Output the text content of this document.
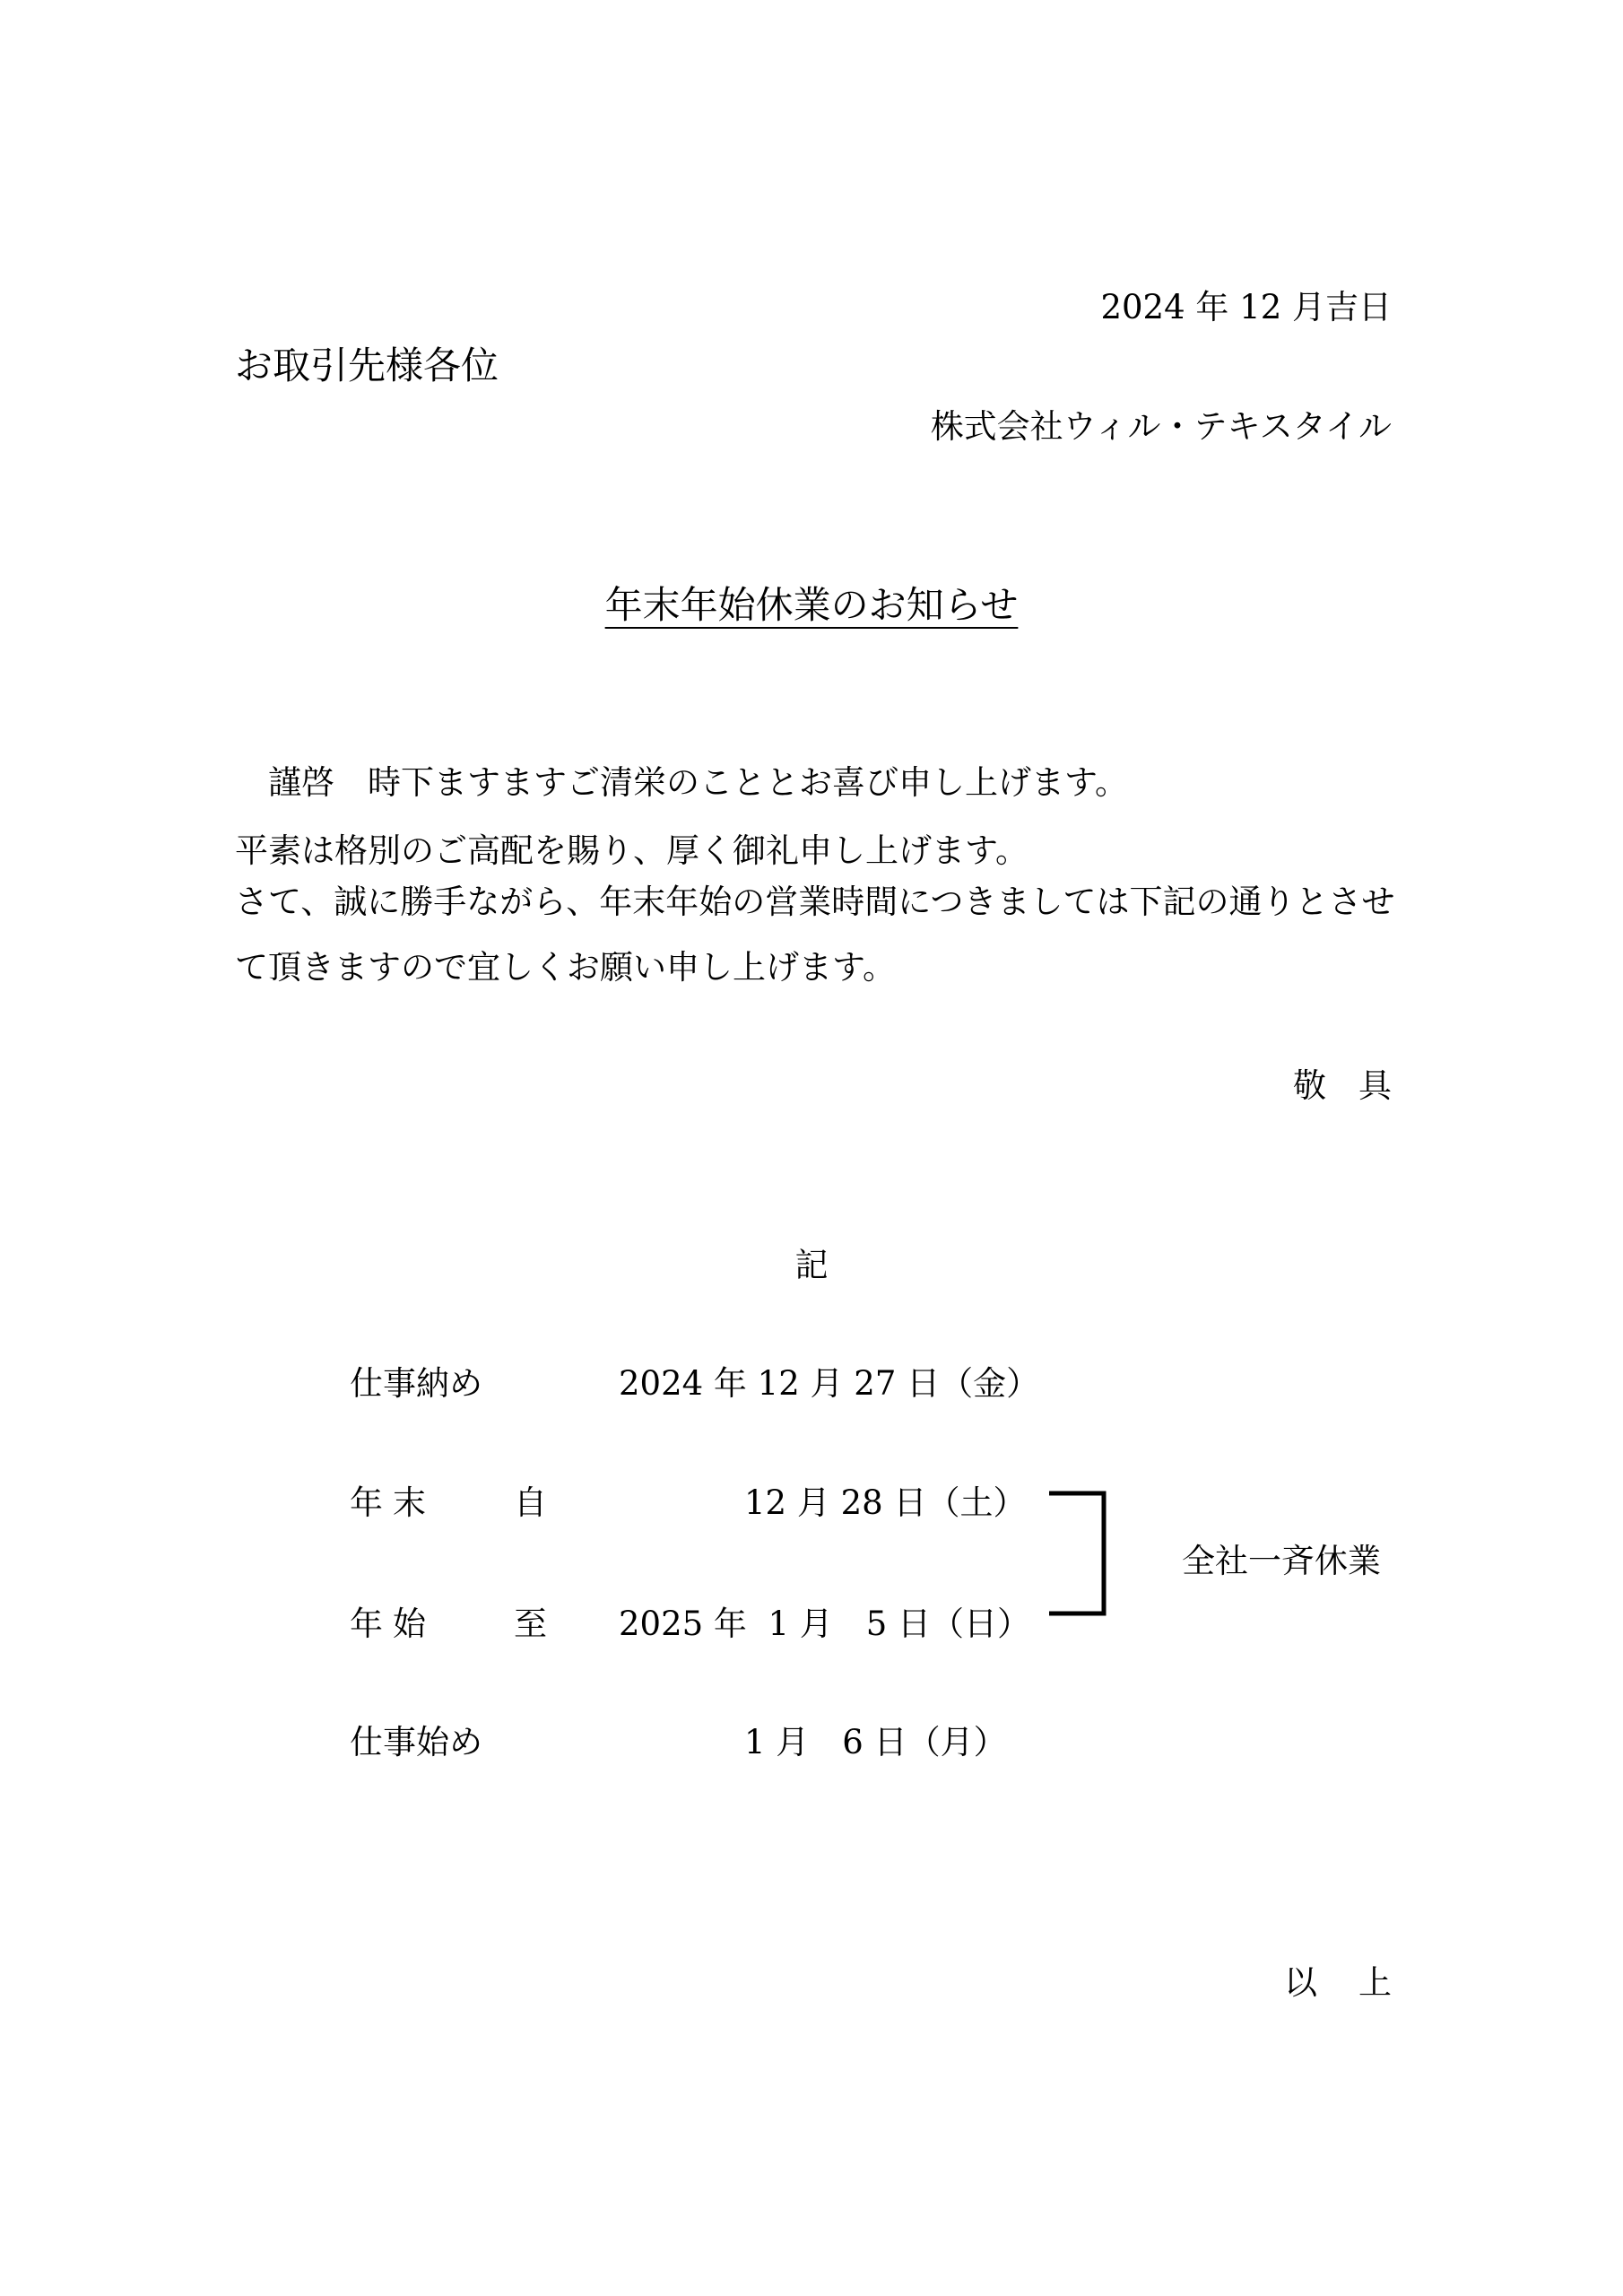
2024 年 12 月吉日
お取引先様各位
株式会社ウィル・テキスタイル
年末年始休業のお知らせ
　謹啓　時下ますますご清栄のこととお喜び申し上げます。
平素は格別のご高配を賜り、厚く御礼申し上げます。
さて、誠に勝手ながら、年末年始の営業時間につきましては下記の通りとさせ
て頂きますので宜しくお願い申し上げます。
敬具
記
仕事納め	2024 年 12 月 27 日（金）
年 末	自	12 月 28 日（土）
年 始	至 2025 年  1 月　5 日（日）
仕事始め	1 月　6 日（月）
全社一斉休業
以上
